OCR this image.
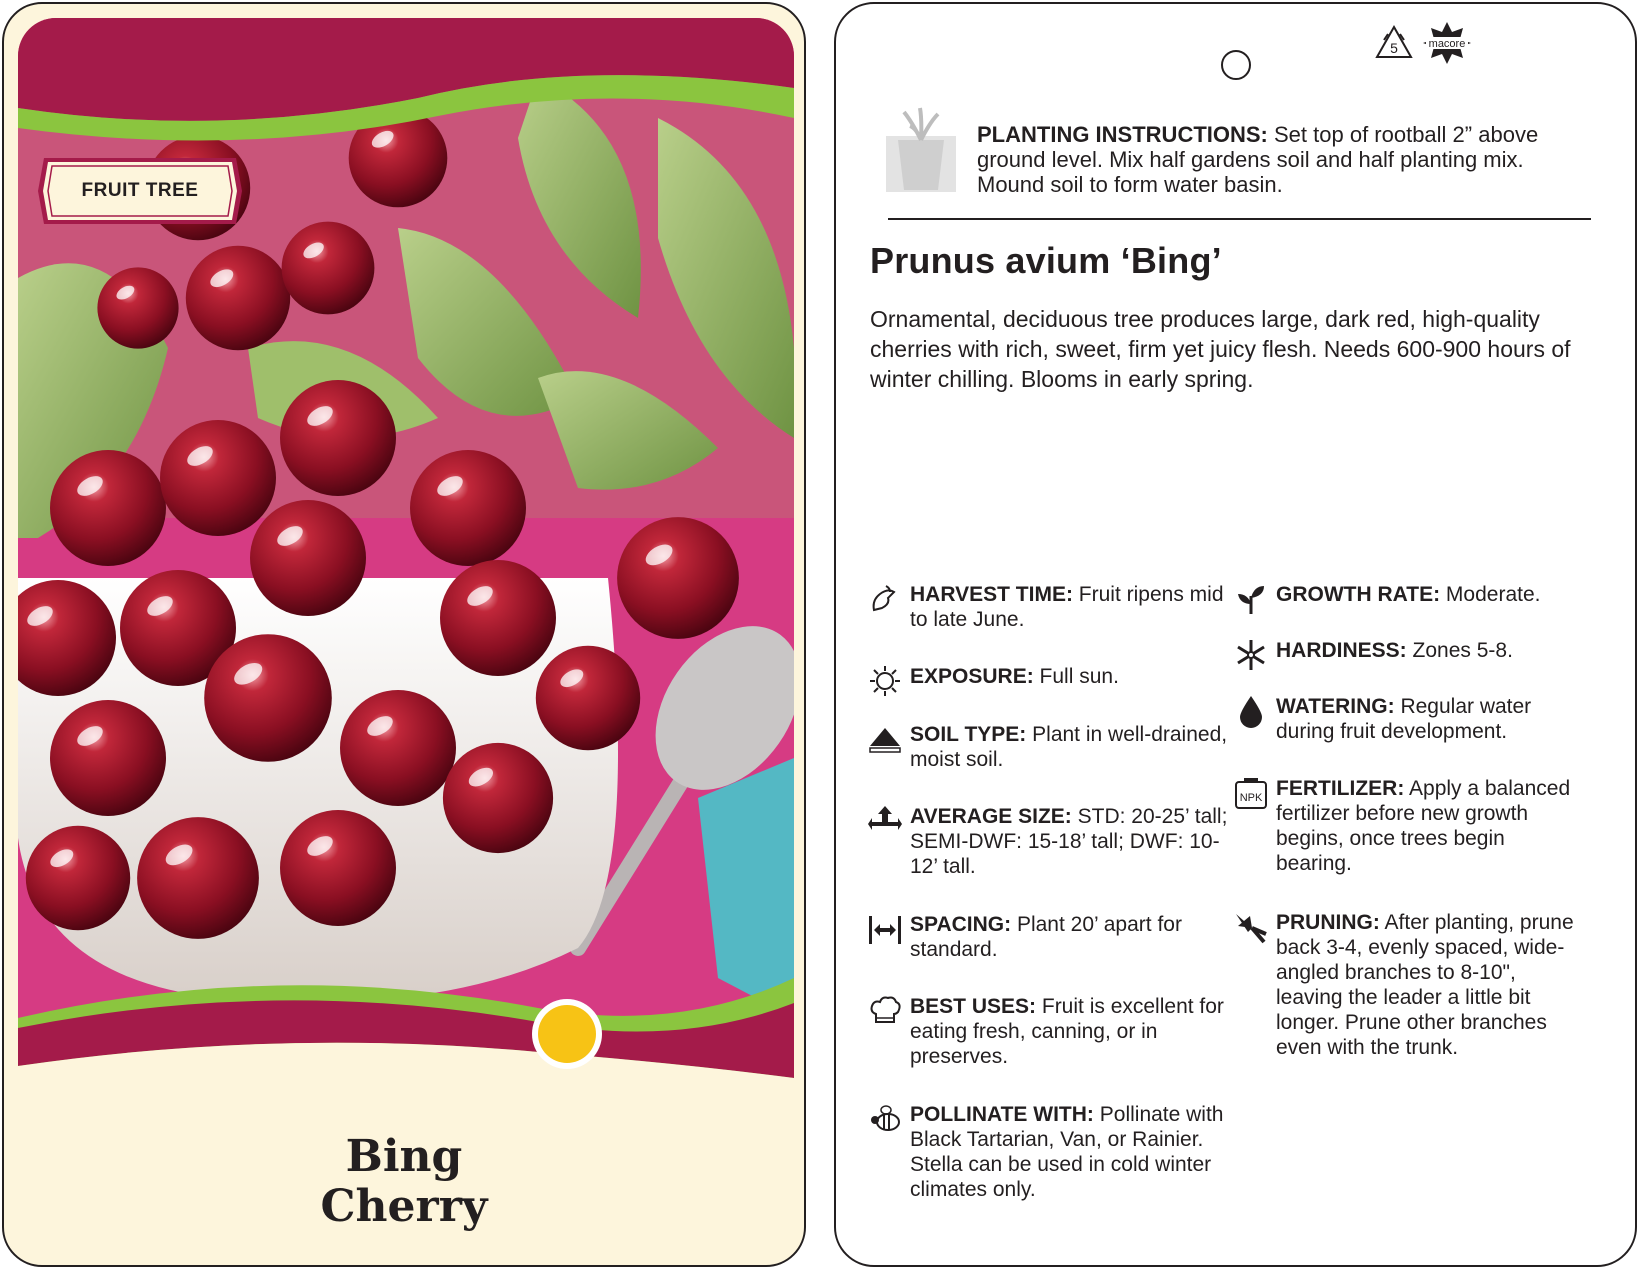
FRUIT TREE
Bing
Cherry
5	macore
PLANTING INSTRUCTIONS: Set top of rootball 2” above ground level. Mix half gardens soil and half planting mix. Mound soil to form water basin.
Prunus avium ‘Bing’
Ornamental, deciduous tree produces large, dark red, high-quality cherries with rich, sweet, firm yet juicy flesh. Needs 600-900 hours of winter chilling. Blooms in early spring.
HARVEST TIME: Fruit ripens mid to late June.
EXPOSURE: Full sun.
SOIL TYPE: Plant in well-drained, moist soil.
AVERAGE SIZE: STD: 20-25’ tall; SEMI-DWF: 15-18’ tall; DWF: 10-12’ tall.
SPACING: Plant 20’ apart for standard.
BEST USES: Fruit is excellent for eating fresh, canning, or in preserves.
POLLINATE WITH: Pollinate with Black Tartarian, Van, or Rainier. Stella can be used in cold winter climates only.
GROWTH RATE: Moderate.
HARDINESS: Zones 5-8.
WATERING: Regular water during fruit development.
NPK FERTILIZER: Apply a balanced fertilizer before new growth begins, once trees begin bearing.
PRUNING: After planting, prune back 3-4, evenly spaced, wide-angled branches to 8-10", leaving the leader a little bit longer. Prune other branches even with the trunk.
